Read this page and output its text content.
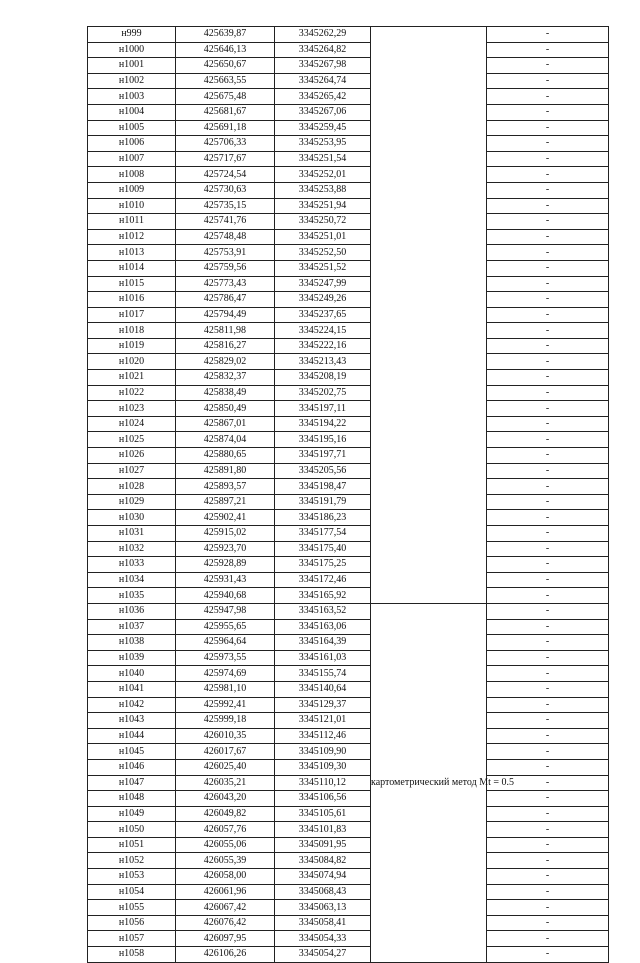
н999	425639,87	3345262,29		-
н1000	425646,13	3345264,82		-
н1001	425650,67	3345267,98		-
н1002	425663,55	3345264,74		-
н1003	425675,48	3345265,42		-
н1004	425681,67	3345267,06		-
н1005	425691,18	3345259,45		-
н1006	425706,33	3345253,95		-
н1007	425717,67	3345251,54		-
н1008	425724,54	3345252,01		-
н1009	425730,63	3345253,88		-
н1010	425735,15	3345251,94		-
н1011	425741,76	3345250,72		-
н1012	425748,48	3345251,01		-
н1013	425753,91	3345252,50		-
н1014	425759,56	3345251,52		-
н1015	425773,43	3345247,99		-
н1016	425786,47	3345249,26		-
н1017	425794,49	3345237,65		-
н1018	425811,98	3345224,15		-
н1019	425816,27	3345222,16		-
н1020	425829,02	3345213,43		-
н1021	425832,37	3345208,19		-
н1022	425838,49	3345202,75		-
н1023	425850,49	3345197,11		-
н1024	425867,01	3345194,22		-
н1025	425874,04	3345195,16		-
н1026	425880,65	3345197,71		-
н1027	425891,80	3345205,56		-
н1028	425893,57	3345198,47		-
н1029	425897,21	3345191,79		-
н1030	425902,41	3345186,23		-
н1031	425915,02	3345177,54		-
н1032	425923,70	3345175,40		-
н1033	425928,89	3345175,25		-
н1034	425931,43	3345172,46		-
н1035	425940,68	3345165,92		-
н1036	425947,98	3345163,52	картометрический метод Mt = 0.5	-
н1037	425955,65	3345163,06		-
н1038	425964,64	3345164,39		-
н1039	425973,55	3345161,03		-
н1040	425974,69	3345155,74		-
н1041	425981,10	3345140,64		-
н1042	425992,41	3345129,37		-
н1043	425999,18	3345121,01		-
н1044	426010,35	3345112,46		-
н1045	426017,67	3345109,90		-
н1046	426025,40	3345109,30		-
н1047	426035,21	3345110,12		-
н1048	426043,20	3345106,56		-
н1049	426049,82	3345105,61		-
н1050	426057,76	3345101,83		-
н1051	426055,06	3345091,95		-
н1052	426055,39	3345084,82		-
н1053	426058,00	3345074,94		-
н1054	426061,96	3345068,43		-
н1055	426067,42	3345063,13		-
н1056	426076,42	3345058,41		-
н1057	426097,95	3345054,33		-
н1058	426106,26	3345054,27		-
